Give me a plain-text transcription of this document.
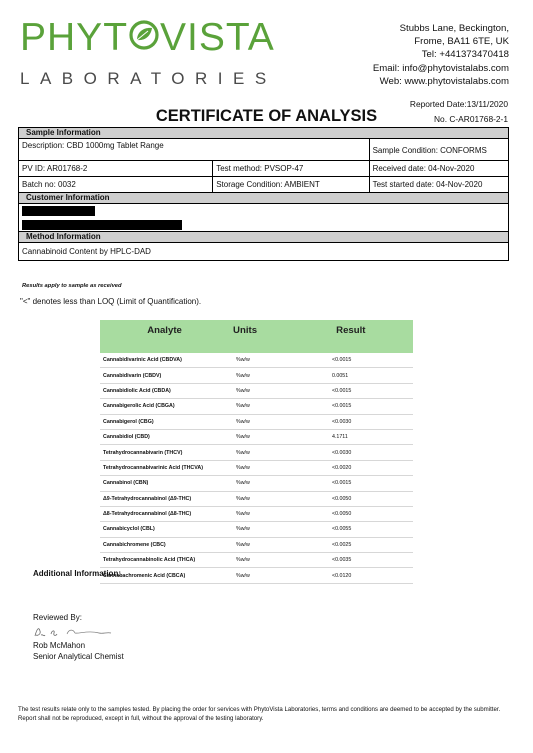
PHYT VISTA
LABORATORIES
Stubbs Lane, Beckington,
Frome, BA11 6TE, UK
Tel: +441373470418
Email: info@phytovistalabs.com
Web: www.phytovistalabs.com
Reported Date:13/11/2020
No. C-AR01768-2-1
CERTIFICATE OF ANALYSIS
Sample Information
Description: CBD 1000mg Tablet Range
Sample Condition: CONFORMS
PV ID: AR01768-2	Test method: PVSOP-47	Received date: 04-Nov-2020
Batch no: 0032	Storage Condition: AMBIENT	Test started date: 04-Nov-2020
Customer Information
Method Information
Cannabinoid Content by HPLC-DAD
Results apply to sample as received
"<" denotes less than LOQ (Limit of Quantification).
Analyte	Units	Result
Cannabidivarinic Acid (CBDVA)	%w/w	<0.0015
Cannabidivarin (CBDV)	%w/w	0.0051
Cannabidiolic Acid (CBDA)	%w/w	<0.0015
Cannabigerolic Acid (CBGA)	%w/w	<0.0015
Cannabigerol (CBG)	%w/w	<0.0030
Cannabidiol (CBD)	%w/w	4.1711
Tetrahydrocannabivarin (THCV)	%w/w	<0.0030
Tetrahydrocannabivarinic Acid (THCVA)	%w/w	<0.0020
Cannabinol (CBN)	%w/w	<0.0015
Δ9-Tetrahydrocannabinol (Δ9-THC)	%w/w	<0.0050
Δ8-Tetrahydrocannabinol (Δ8-THC)	%w/w	<0.0050
Cannabicyclol (CBL)	%w/w	<0.0055
Cannabichromene (CBC)	%w/w	<0.0025
Tetrahydrocannabinolic Acid (THCA)	%w/w	<0.0035
Cannabachromenic Acid (CBCA)	%w/w	<0.0120
Additional Information:
Reviewed By:
Rob McMahon
Senior Analytical Chemist
The test results relate only to the samples tested. By placing the order for services with PhytoVista Laboratories, terms and conditions are deemed to be accepted by the submitter. Report shall not be reproduced, except in full, without the approval of the testing laboratory.
